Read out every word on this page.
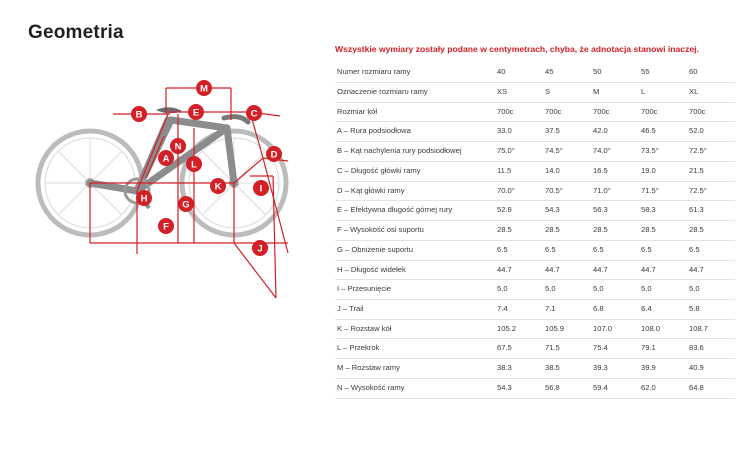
Geometria
M
E
B	C
N
A
L
D
H
G
K
F
I
J
Wszystkie wymiary zostały podane w centymetrach, chyba, że adnotacja stanowi inaczej.
Numer rozmiaru ramy	40	45	50	55	60
Oznaczenie rozmiaru ramy	XS	S	M	L	XL
Rozmiar kół	700c	700c	700c	700c	700c
A – Rura podsiodłowa	33.0	37.5	42.0	46.5	52.0
B – Kąt nachylenia rury podsiodłowej	75.0°	74.5°	74.0°	73.5°	72.5°
C – Długość główki ramy	11.5	14.0	16.5	19.0	21.5
D – Kąt główki ramy	70.0°	70.5°	71.0°	71.5°	72.5°
E – Efektywna długość górnej rury	52.8	54.3	56.3	58.3	61.3
F – Wysokość osi suportu	28.5	28.5	28.5	28.5	28.5
G – Obniżenie suportu	6.5	6.5	6.5	6.5	6.5
H – Długość widełek	44.7	44.7	44.7	44.7	44.7
I – Przesunięcie	5.0	5.0	5.0	5.0	5.0
J – Trail	7.4	7.1	6.8	6.4	5.8
K – Rozstaw kół	105.2	105.9	107.0	108.0	108.7
L – Przekrok	67.5	71.5	75.4	79.1	83.6
M – Rozstaw ramy	38.3	38.5	39.3	39.9	40.9
N – Wysokość ramy	54.3	56.8	59.4	62.0	64.8
